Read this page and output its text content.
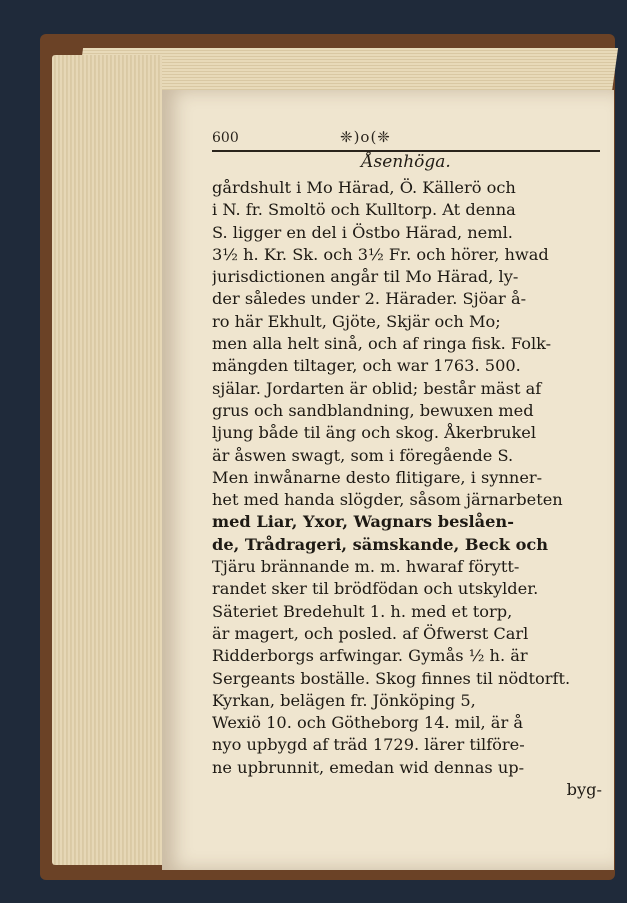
600	❈)o(❈
Åsenhöga.
gårdshult i Mo Härad, Ö. Källerö och
i N. fr. Smoltö och Kulltorp. At denna
S. ligger en del i Östbo Härad, neml.
3½ h. Kr. Sk. och 3½ Fr. och hörer, hwad
jurisdictionen angår til Mo Härad, ly-
der således under 2. Härader. Sjöar å-
ro här Ekhult, Gjöte, Skjär och Mo;
men alla helt sinå, och af ringa fisk. Folk-
mängden tiltager, och war 1763. 500.
själar. Jordarten är oblid; består mäst af
grus och sandblandning, bewuxen med
ljung både til äng och skog. Åkerbrukel
är åswen swagt, som i föregående S.
Men inwånarne desto flitigare, i synner-
het med handa slögder, såsom järnarbeten
med Liar, Yxor, Wagnars beslåen-
de, Trådrageri, sämskande, Beck och
Tjäru brännande m. m. hwaraf förytt-
randet sker til brödfödan och utskylder.
Säteriet Bredehult 1. h. med et torp,
är magert, och posled. af Öfwerst Carl
Ridderborgs arfwingar. Gymås ½ h. är
Sergeants boställe. Skog finnes til nödtorft.
Kyrkan, belägen fr. Jönköping 5,
Wexiö 10. och Götheborg 14. mil, är å
nyo upbygd af träd 1729. lärer tilföre-
ne upbrunnit, emedan wid dennas up-
byg-
